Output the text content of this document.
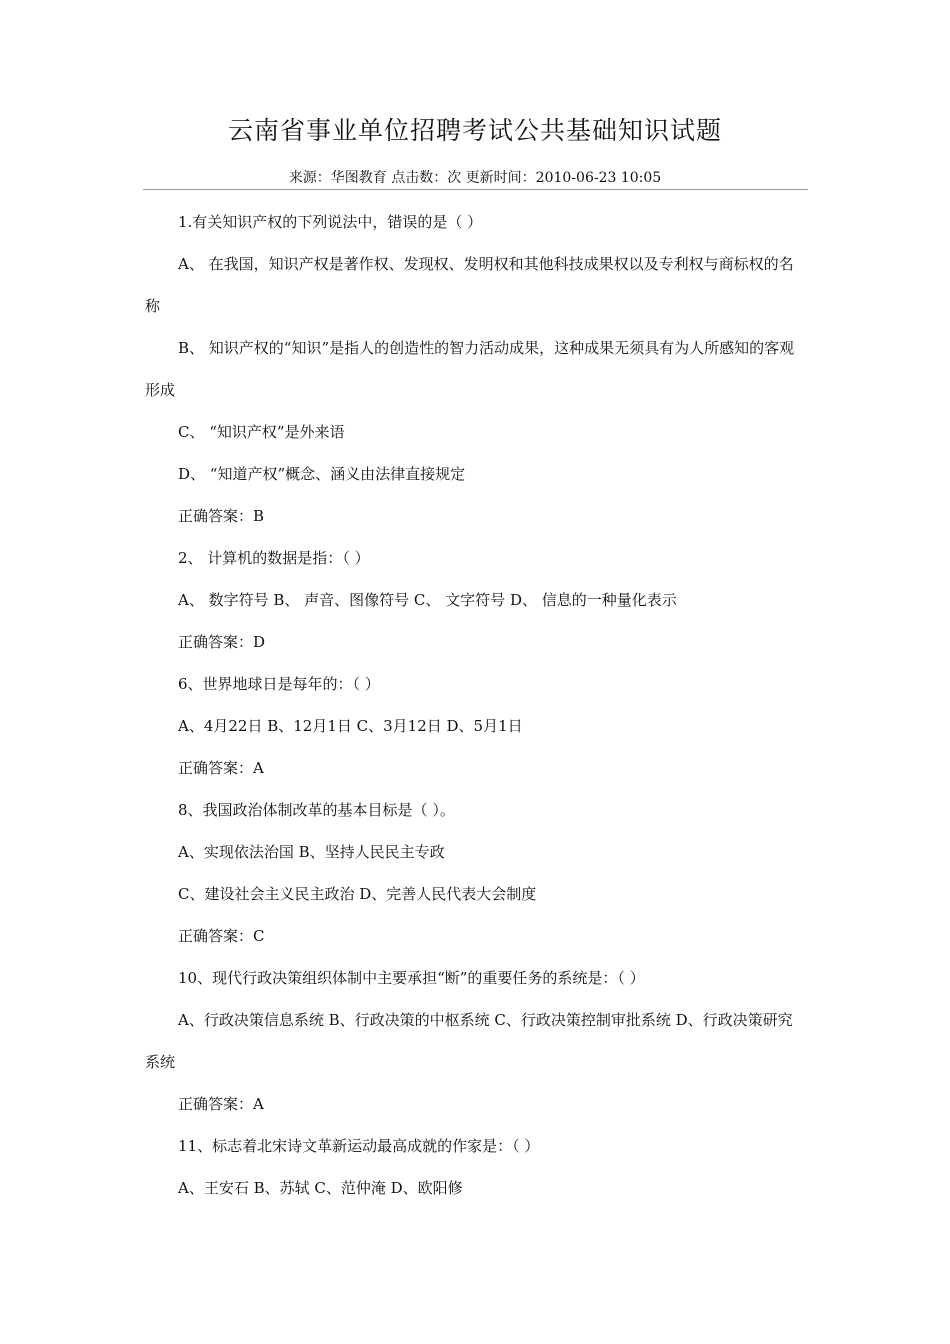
云南省事业单位招聘考试公共基础知识试题
来源：华图教育 点击数：次 更新时间：2010-06-23 10:05

1.有关知识产权的下列说法中，错误的是（ ）

A、 在我国，知识产权是著作权、发现权、发明权和其他科技成果权以及专利权与商标权的名称

B、 知识产权的“知识”是指人的创造性的智力活动成果，这种成果无须具有为人所感知的客观形成

C、 “知识产权”是外来语

D、 “知道产权”概念、涵义由法律直接规定

正确答案：B

2、 计算机的数据是指：（ ）

A、 数字符号 B、 声音、图像符号 C、 文字符号 D、 信息的一种量化表示

正确答案：D

6、世界地球日是每年的：（ ）

A、4月22日 B、12月1日 C、3月12日 D、5月1日

正确答案：A

8、我国政治体制改革的基本目标是（ ）。

A、实现依法治国 B、坚持人民民主专政

C、建设社会主义民主政治 D、完善人民代表大会制度

正确答案：C

10、现代行政决策组织体制中主要承担“断”的重要任务的系统是：（ ）

A、行政决策信息系统 B、行政决策的中枢系统 C、行政决策控制审批系统 D、行政决策研究系统

正确答案：A

11、标志着北宋诗文革新运动最高成就的作家是：（ ）

A、王安石 B、苏轼 C、范仲淹 D、欧阳修
